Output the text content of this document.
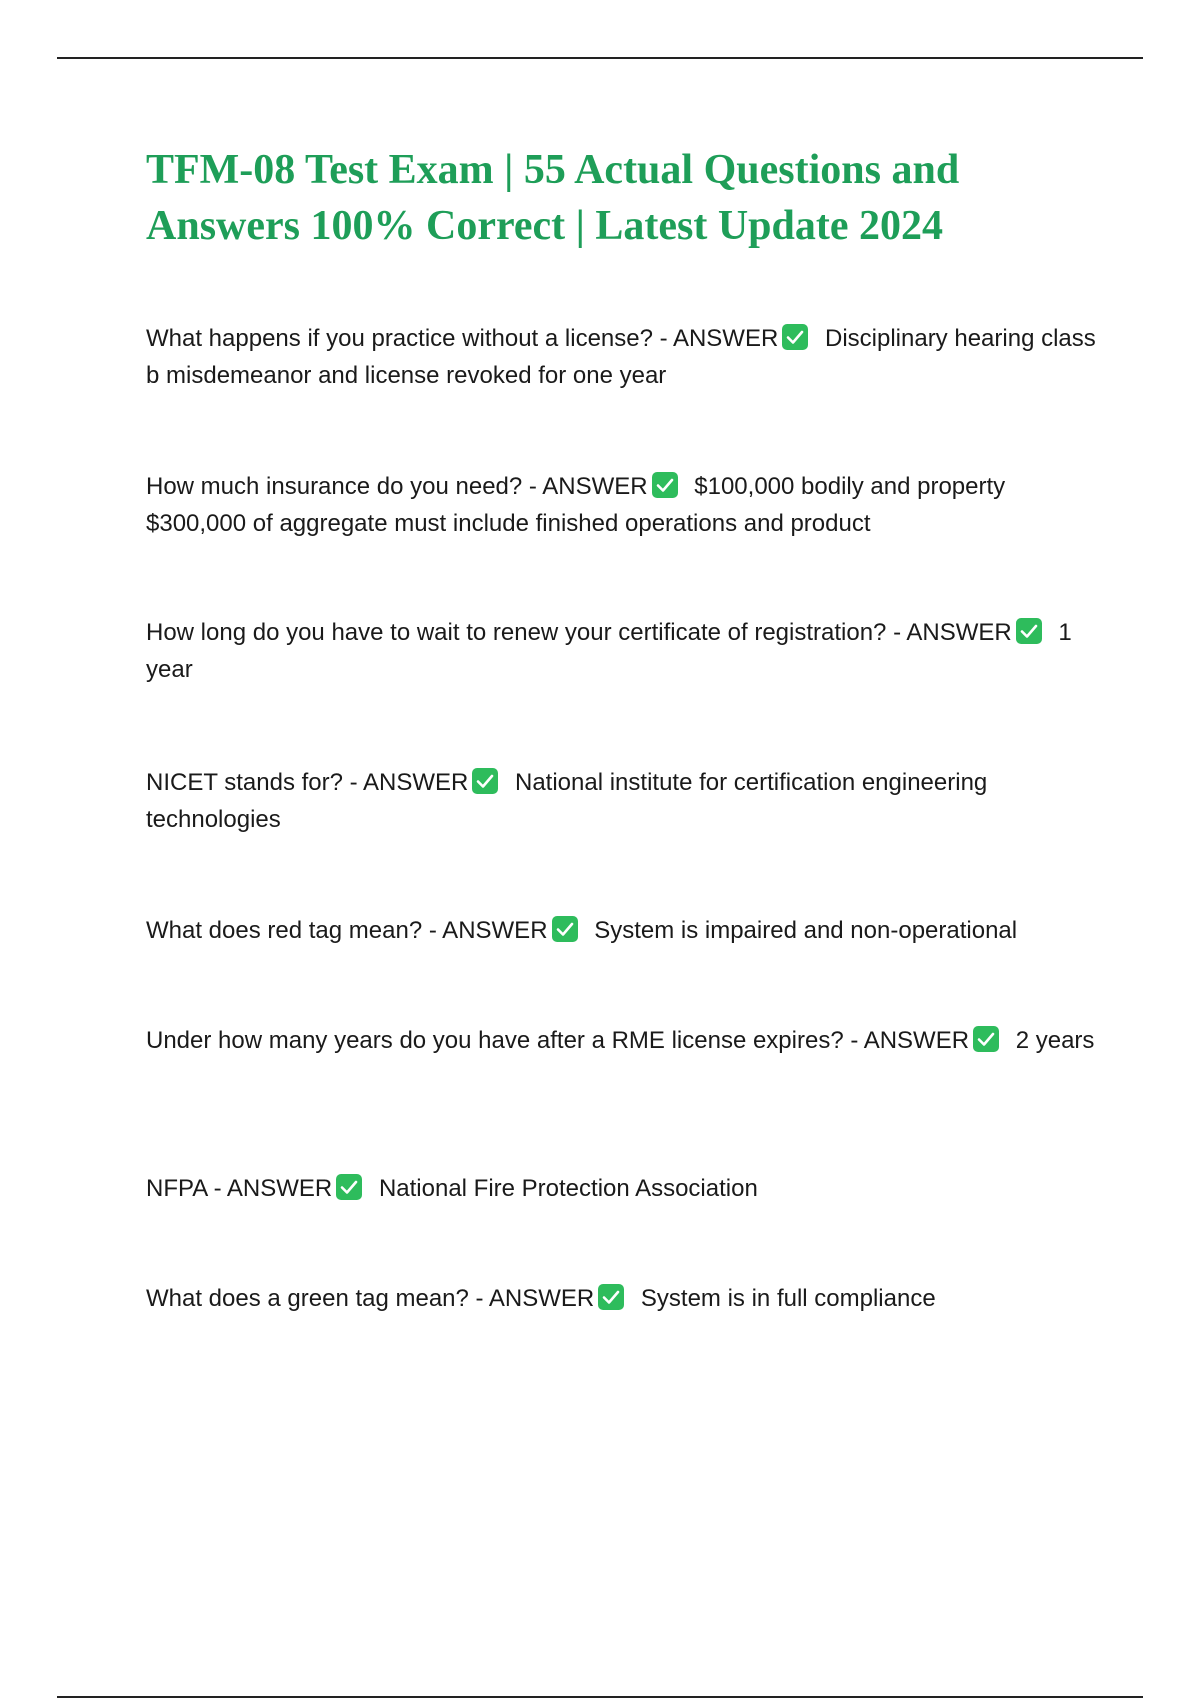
TFM-08 Test Exam | 55 Actual Questions and Answers 100% Correct | Latest Update 2024
What happens if you practice without a license? - ANSWER Disciplinary hearing class b misdemeanor and license revoked for one year
How much insurance do you need? - ANSWER $100,000 bodily and property $300,000 of aggregate must include finished operations and product
How long do you have to wait to renew your certificate of registration? - ANSWER 1 year
NICET stands for? - ANSWER National institute for certification engineering technologies
What does red tag mean? - ANSWER System is impaired and non-operational
Under how many years do you have after a RME license expires? - ANSWER 2 years
NFPA - ANSWER National Fire Protection Association
What does a green tag mean? - ANSWER System is in full compliance
